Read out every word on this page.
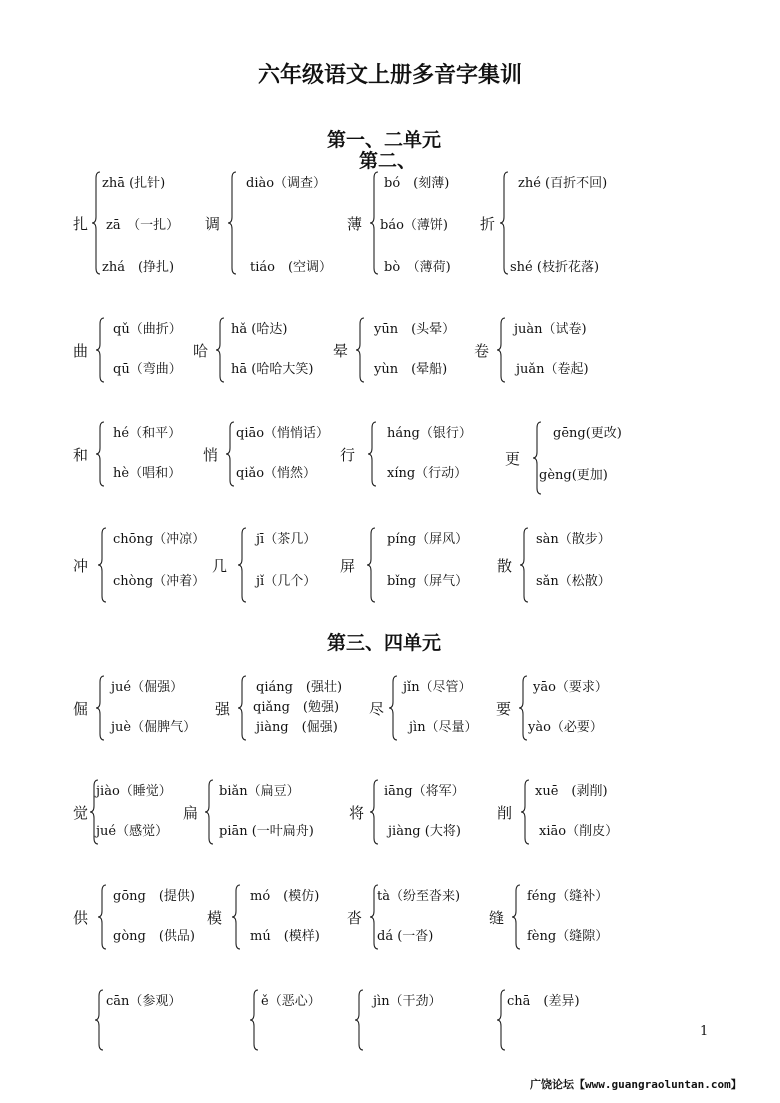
六年级语文上册多音字集训
第一、二单元
第二、
第三、四单元
扎
zhā (扎针)
zā　（一扎）
zhá　(挣扎)
调
diào（调查）
tiáo　(空调）
薄
bó　(刻薄)
báo（薄饼)
bò　（薄荷)
折
zhé (百折不回)
shé (枝折花落)
曲
qǔ（曲折）
qū（弯曲）
哈
hǎ (哈达)
hā (哈哈大笑)
晕
yūn　(头晕）
yùn　(晕船)
卷
juàn（试卷)
juǎn（卷起)
和
hé（和平）
hè（唱和）
悄
qiāo（悄悄话）
qiǎo（悄然）
行
háng（银行）
xíng（行动）
更
gēng(更改)
gèng(更加)
冲
chōng（冲凉）
chòng（冲着）
几
jī（茶几）
jǐ（几个）
屏
píng（屏风）
bǐng（屏气）
散
sàn（散步）
sǎn（松散）
倔
jué（倔强）
juè（倔脾气）
强
qiáng　(强壮)
qiǎng　(勉强)
jiàng　(倔强)
尽
jǐn（尽管）
jìn（尽量）
要
yāo（要求）
yào（必要）
觉
jiào（睡觉）
jué（感觉）
扁
biǎn（扁豆）
piān (一叶扁舟)
将
iāng（将军）
jiàng (大将)
削
xuē　(剥削)
xiāo（削皮）
供
gōng　(提供)
gòng　(供品)
模
mó　(模仿)
mú　(模样)
沓
tà（纷至沓来)
dá (一沓)
缝
féng（缝补）
fèng（缝隙）
cān（参观）	ě（恶心）	jìn（干劲）	chā　(差异)
1
广饶论坛【www.guangraoluntan.com】
